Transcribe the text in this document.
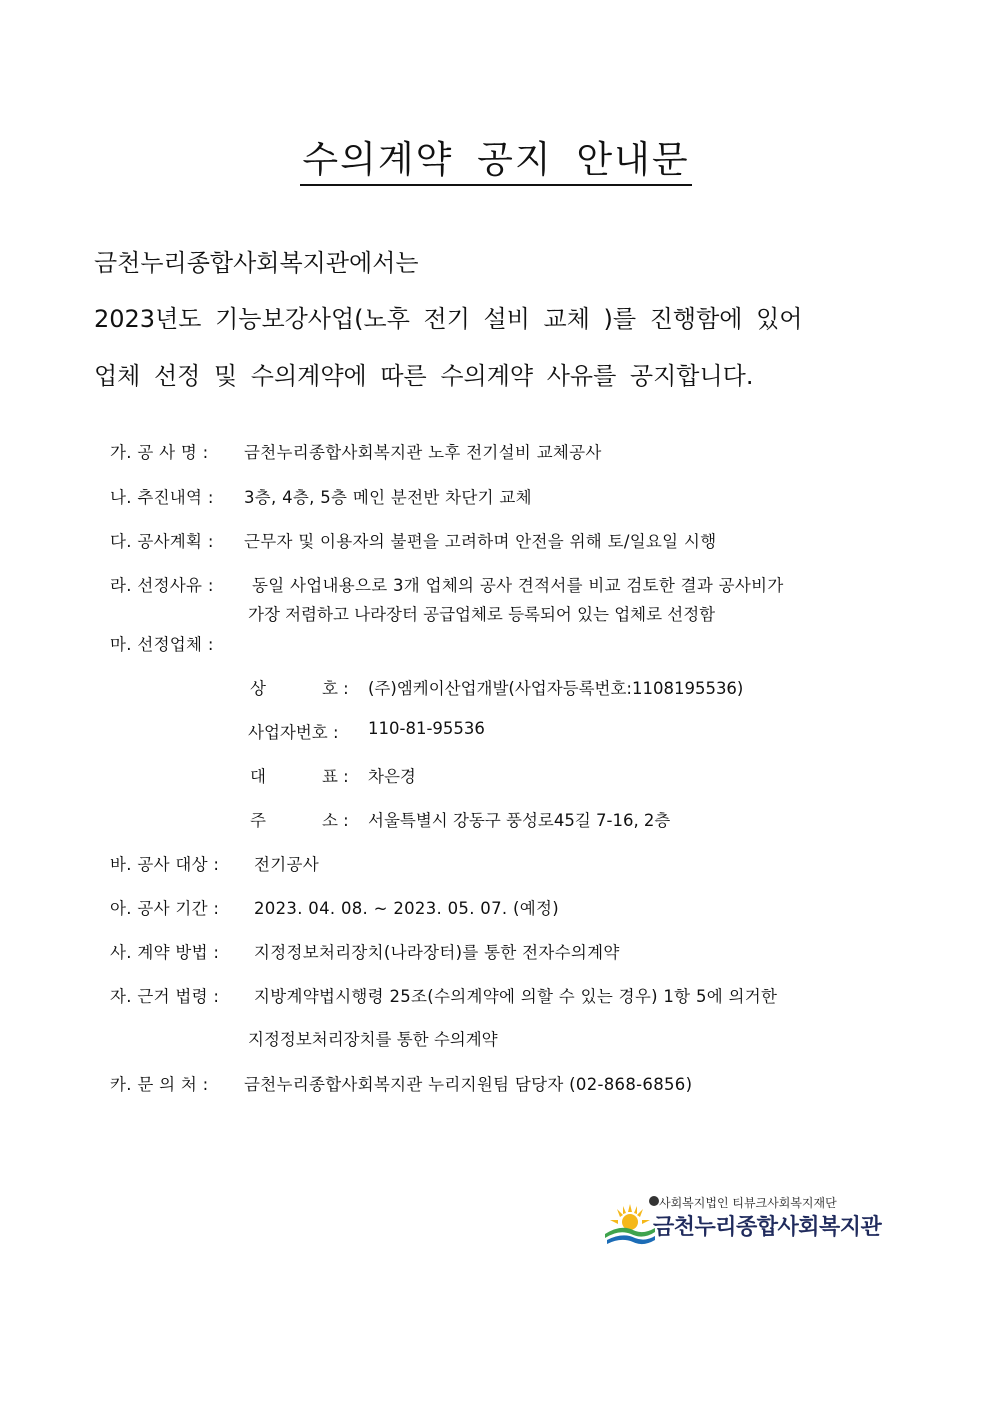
수의계약 공지 안내문
금천누리종합사회복지관에서는
2023년도 기능보강사업(노후 전기 설비 교체 )를 진행함에 있어
업체 선정 및 수의계약에 따른 수의계약 사유를 공지합니다.
가. 공 사 명 : 금천누리종합사회복지관 노후 전기설비 교체공사
나. 추진내역 : 3층, 4층, 5층 메인 분전반 차단기 교체
다. 공사계획 : 근무자 및 이용자의 불편을 고려하며 안전을 위해 토/일요일 시행
라. 선정사유 : 동일 사업내용으로 3개 업체의 공사 견적서를 비교 검토한 결과 공사비가
가장 저렴하고 나라장터 공급업체로 등록되어 있는 업체로 선정함
마. 선정업체 :
상	호 : (주)엠케이산업개발(사업자등록번호:1108195536)
사업자번호 : 110-81-95536
대	표 : 차은경
주	소 : 서울특별시 강동구 풍성로45길 7-16, 2층
바. 공사 대상 : 전기공사
아. 공사 기간 : 2023. 04. 08. ~ 2023. 05. 07. (예정)
사. 계약 방법 : 지정정보처리장치(나라장터)를 통한 전자수의계약
자. 근거 법령 : 지방계약법시행령 25조(수의계약에 의할 수 있는 경우) 1항 5에 의거한
지정정보처리장치를 통한 수의계약
카. 문 의 처 : 금천누리종합사회복지관 누리지원팀 담당자 (02-868-6856)
사회복지법인 티뷰크사회복지재단
금천누리종합사회복지관
